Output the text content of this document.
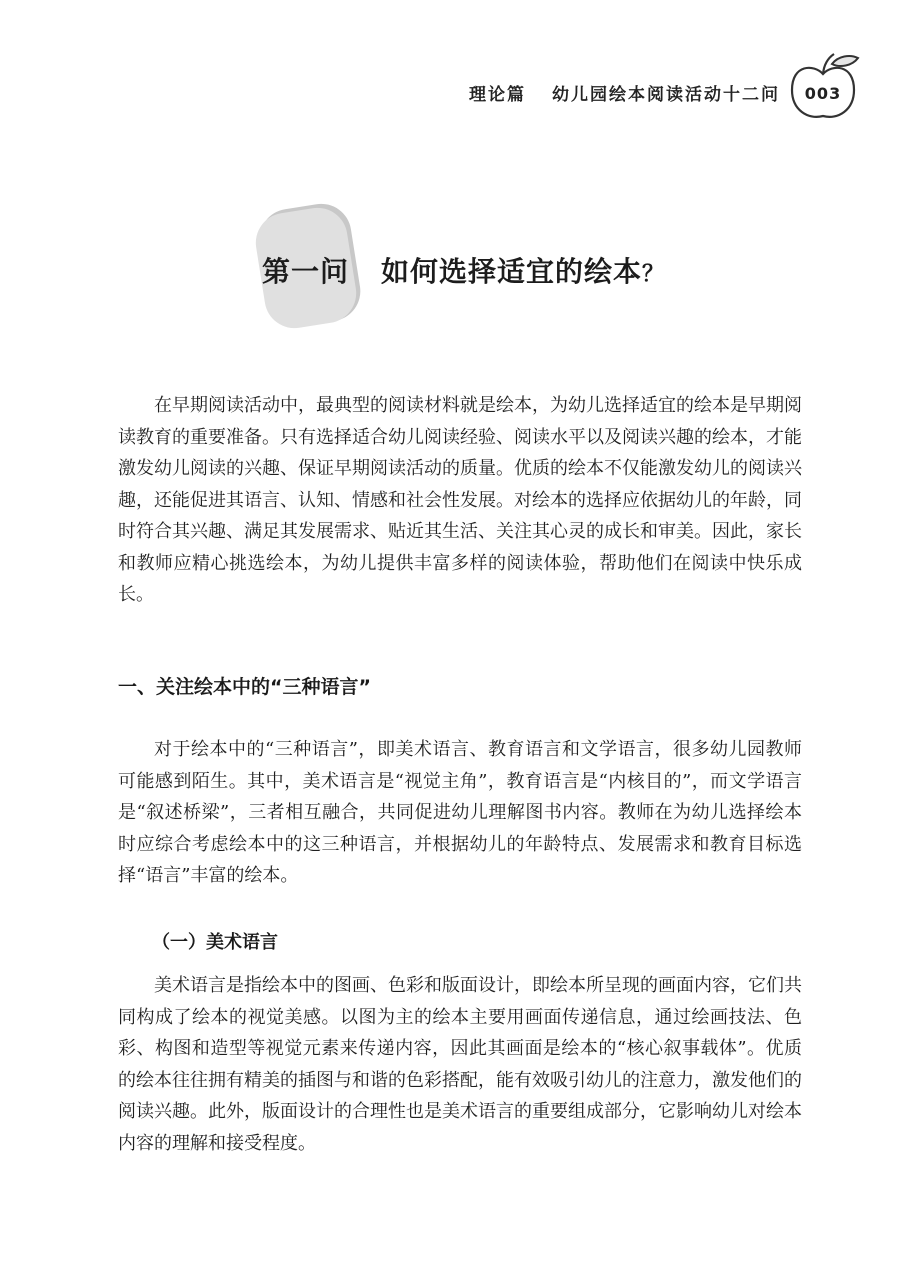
理论篇 幼儿园绘本阅读活动十二问 003
第一问 如何选择适宜的绘本？

在早期阅读活动中，最典型的阅读材料就是绘本，为幼儿选择适宜的绘本是早期阅读教育的重要准备。只有选择适合幼儿阅读经验、阅读水平以及阅读兴趣的绘本，才能激发幼儿阅读的兴趣、保证早期阅读活动的质量。优质的绘本不仅能激发幼儿的阅读兴趣，还能促进其语言、认知、情感和社会性发展。对绘本的选择应依据幼儿的年龄，同时符合其兴趣、满足其发展需求、贴近其生活、关注其心灵的成长和审美。因此，家长和教师应精心挑选绘本，为幼儿提供丰富多样的阅读体验，帮助他们在阅读中快乐成长。

一、关注绘本中的“三种语言”

对于绘本中的“三种语言”，即美术语言、教育语言和文学语言，很多幼儿园教师可能感到陌生。其中，美术语言是“视觉主角”，教育语言是“内核目的”，而文学语言是“叙述桥梁”，三者相互融合，共同促进幼儿理解图书内容。教师在为幼儿选择绘本时应综合考虑绘本中的这三种语言，并根据幼儿的年龄特点、发展需求和教育目标选择“语言”丰富的绘本。

（一）美术语言

美术语言是指绘本中的图画、色彩和版面设计，即绘本所呈现的画面内容，它们共同构成了绘本的视觉美感。以图为主的绘本主要用画面传递信息，通过绘画技法、色彩、构图和造型等视觉元素来传递内容，因此其画面是绘本的“核心叙事载体”。优质的绘本往往拥有精美的插图与和谐的色彩搭配，能有效吸引幼儿的注意力，激发他们的阅读兴趣。此外，版面设计的合理性也是美术语言的重要组成部分，它影响幼儿对绘本内容的理解和接受程度。
